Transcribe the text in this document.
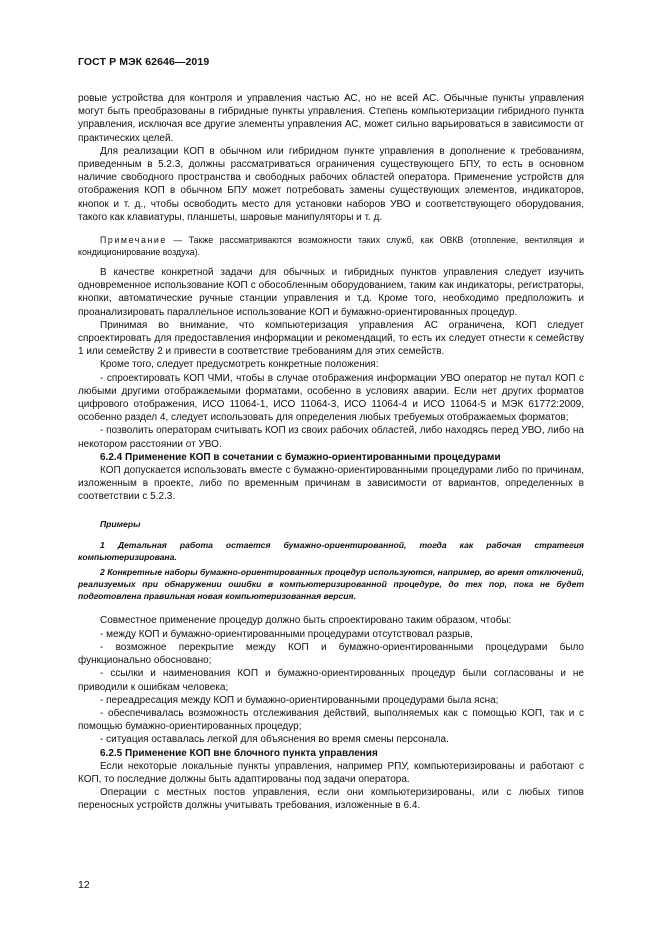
ГОСТ Р МЭК 62646—2019

ровые устройства для контроля и управления частью АС, но не всей АС. Обычные пункты управления могут быть преобразованы в гибридные пункты управления. Степень компьютеризации гибридного пункта управления, исключая все другие элементы управления АС, может сильно варьироваться в зависимости от практических целей.

Для реализации КОП в обычном или гибридном пункте управления в дополнение к требованиям, приведенным в 5.2.3, должны рассматриваться ограничения существующего БПУ, то есть в основном наличие свободного пространства и свободных рабочих областей оператора. Применение устройств для отображения КОП в обычном БПУ может потребовать замены существующих элементов, индикаторов, кнопок и т. д., чтобы освободить место для установки наборов УВО и соответствующего оборудования, такого как клавиатуры, планшеты, шаровые манипуляторы и т. д.

Примечание — Также рассматриваются возможности таких служб, как ОВКВ (отопление, вентиляция и кондиционирование воздуха).

В качестве конкретной задачи для обычных и гибридных пунктов управления следует изучить одновременное использование КОП с обособленным оборудованием, таким как индикаторы, регистраторы, кнопки, автоматические ручные станции управления и т.д. Кроме того, необходимо предположить и проанализировать параллельное использование КОП и бумажно-ориентированных процедур.

Принимая во внимание, что компьютеризация управления АС ограничена, КОП следует спроектировать для предоставления информации и рекомендаций, то есть их следует отнести к семейству 1 или семейству 2 и привести в соответствие требованиям для этих семейств.

Кроме того, следует предусмотреть конкретные положения:

- спроектировать КОП ЧМИ, чтобы в случае отображения информации УВО оператор не путал КОП с любыми другими отображаемыми форматами, особенно в условиях аварии. Если нет других форматов цифрового отображения, ИСО 11064-1, ИСО 11064-3, ИСО 11064-4 и ИСО 11064-5 и МЭК 61772:2009, особенно раздел 4, следует использовать для определения любых требуемых отображаемых форматов;

- позволить операторам считывать КОП из своих рабочих областей, либо находясь перед УВО, либо на некотором расстоянии от УВО.

6.2.4 Применение КОП в сочетании с бумажно-ориентированными процедурами

КОП допускается использовать вместе с бумажно-ориентированными процедурами либо по причинам, изложенным в проекте, либо по временным причинам в зависимости от вариантов, определенных в соответствии с 5.2.3.

Примеры

1 Детальная работа остается бумажно-ориентированной, тогда как рабочая стратегия компьютеризирована.

2 Конкретные наборы бумажно-ориентированных процедур используются, например, во время отключений, реализуемых при обнаружении ошибки в компьютеризированной процедуре, до тех пор, пока не будет подготовлена правильная новая компьютеризованная версия.

Совместное применение процедур должно быть спроектировано таким образом, чтобы:

- между КОП и бумажно-ориентированными процедурами отсутствовал разрыв,

- возможное перекрытие между КОП и бумажно-ориентированными процедурами было функционально обосновано;

- ссылки и наименования КОП и бумажно-ориентированных процедур были согласованы и не приводили к ошибкам человека;

- переадресация между КОП и бумажно-ориентированными процедурами была ясна;

- обеспечивалась возможность отслеживания действий, выполняемых как с помощью КОП, так и с помощью бумажно-ориентированных процедур;

- ситуация оставалась легкой для объяснения во время смены персонала.

6.2.5 Применение КОП вне блочного пункта управления

Если некоторые локальные пункты управления, например РПУ, компьютеризированы и работают с КОП, то последние должны быть адаптированы под задачи оператора.

Операции с местных постов управления, если они компьютеризированы, или с любых типов переносных устройств должны учитывать требования, изложенные в 6.4.

12
